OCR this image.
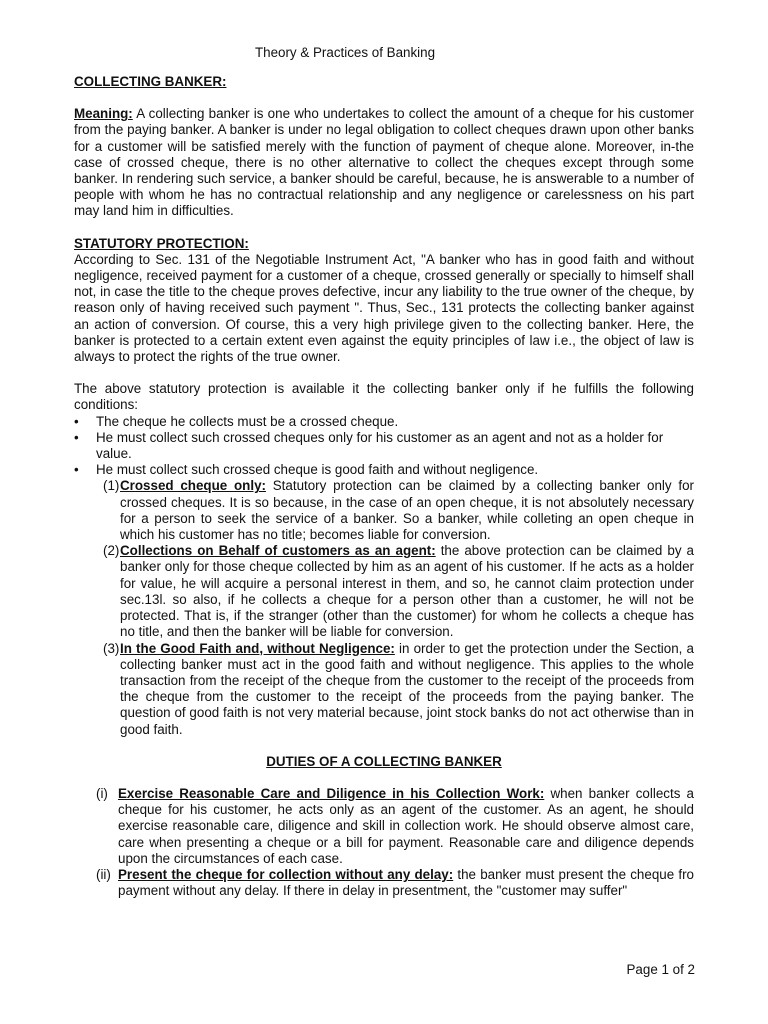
Theory & Practices of Banking
COLLECTING BANKER:

Meaning: A collecting banker is one who undertakes to collect the amount of a cheque for his customer from the paying banker. A banker is under no legal obligation to collect cheques drawn upon other banks for a customer will be satisfied merely with the function of payment of cheque alone. Moreover, in-the case of crossed cheque, there is no other alternative to collect the cheques except through some banker. In rendering such service, a banker should be careful, because, he is answerable to a number of people with whom he has no contractual relationship and any negligence or carelessness on his part may land him in difficulties.

STATUTORY PROTECTION:

According to Sec. 131 of the Negotiable Instrument Act, "A banker who has in good faith and without negligence, received payment for a customer of a cheque, crossed generally or specially to himself shall not, in case the title to the cheque proves defective, incur any liability to the true owner of the cheque, by reason only of having received such payment ". Thus, Sec., 131 protects the collecting banker against an action of conversion. Of course, this a very high privilege given to the collecting banker. Here, the banker is protected to a certain extent even against the equity principles of law i.e., the object of law is always to protect the rights of the true owner.

The above statutory protection is available it the collecting banker only if he fulfills the following conditions:

• The cheque he collects must be a crossed cheque.
• He must collect such crossed cheques only for his customer as an agent and not as a holder for value.
• He must collect such crossed cheque is good faith and without negligence.
(1) Crossed cheque only: Statutory protection can be claimed by a collecting banker only for crossed cheques. It is so because, in the case of an open cheque, it is not absolutely necessary for a person to seek the service of a banker. So a banker, while colleting an open cheque in which his customer has no title; becomes liable for conversion.
(2) Collections on Behalf of customers as an agent: the above protection can be claimed by a banker only for those cheque collected by him as an agent of his customer. If he acts as a holder for value, he will acquire a personal interest in them, and so, he cannot claim protection under sec.13l. so also, if he collects a cheque for a person other than a customer, he will not be protected. That is, if the stranger (other than the customer) for whom he collects a cheque has no title, and then the banker will be liable for conversion.
(3) In the Good Faith and, without Negligence: in order to get the protection under the Section, a collecting banker must act in the good faith and without negligence. This applies to the whole transaction from the receipt of the cheque from the customer to the receipt of the proceeds from the cheque from the customer to the receipt of the proceeds from the paying banker. The question of good faith is not very material because, joint stock banks do not act otherwise than in good faith.
DUTIES OF A COLLECTING BANKER
(i) Exercise Reasonable Care and Diligence in his Collection Work: when banker collects a cheque for his customer, he acts only as an agent of the customer. As an agent, he should exercise reasonable care, diligence and skill in collection work. He should observe almost care, care when presenting a cheque or a bill for payment. Reasonable care and diligence depends upon the circumstances of each case.
(ii) Present the cheque for collection without any delay: the banker must present the cheque fro payment without any delay. If there in delay in presentment, the "customer may suffer"
Page 1 of 2
